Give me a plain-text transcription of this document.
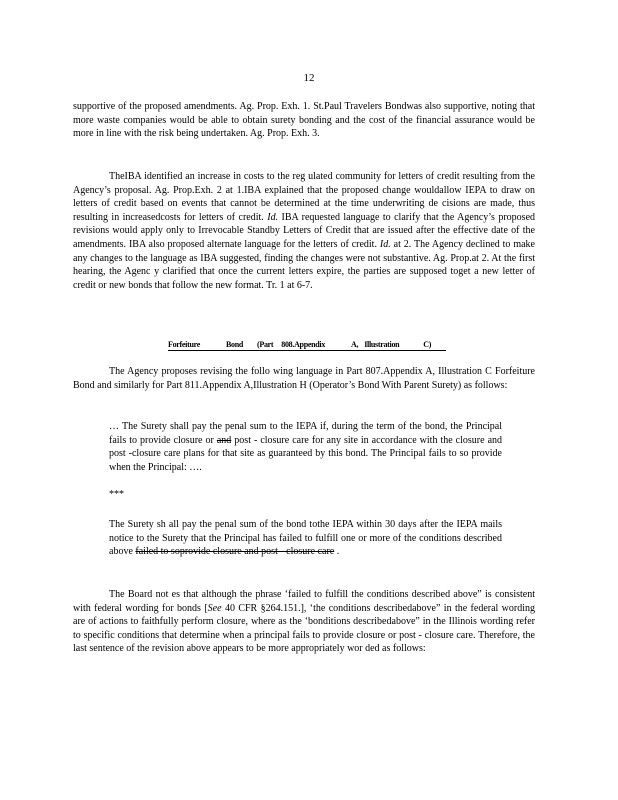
12

supportive of the proposed amendments. Ag. Prop. Exh. 1. St.Paul Travelers Bondwas also supportive, noting that more waste companies would be able to obtain surety bonding and the cost of the financial assurance would be more in line with the risk being undertaken. Ag. Prop. Exh. 3.

TheIBA identified an increase in costs to the reg ulated community for letters of credit resulting from the Agency’s proposal. Ag. Prop.Exh. 2 at 1.IBA explained that the proposed change wouldallow IEPA to draw on letters of credit based on events that cannot be determined at the time underwriting de cisions are made, thus resulting in increasedcosts for letters of credit. Id. IBA requested language to clarify that the Agency’s proposed revisions would apply only to Irrevocable Standby Letters of Credit that are issued after the effective date of the amendments. IBA also proposed alternate language for the letters of credit. Id. at 2. The Agency declined to make any changes to the language as IBA suggested, finding the changes were not substantive. Ag. Prop.at 2. At the first hearing, the Agenc y clarified that once the current letters expire, the parties are supposed toget a new letter of credit or new bonds that follow the new format. Tr. 1 at 6-7.

Forfeiture	Bond (Part 808.Appendix	A, Illustration	C)

The Agency proposes revising the follo wing language in Part 807.Appendix A, Illustration C Forfeiture Bond and similarly for Part 811.Appendix A,Illustration H (Operator’s Bond With Parent Surety) as follows:

… The Surety shall pay the penal sum to the IEPA if, during the term of the bond, the Principal fails to provide closure or and post - closure care for any site in accordance with the closure and post -closure care plans for that site as guaranteed by this bond. The Principal fails to so provide when the Principal: ….

***

The Surety sh all pay the penal sum of the bond tothe IEPA within 30 days after the IEPA mails notice to the Surety that the Principal has failed to fulfill one or more of the conditions described above failed to soprovide closure and post - closure care .

The Board not es that although the phrase ‘failed to fulfill the conditions described above” is consistent with federal wording for bonds [See 40 CFR §264.151.], ‘the conditions describedabove” in the federal wording are of actions to faithfully perform closure, where as the ‘bonditions describedabove” in the Illinois wording refer to specific conditions that determine when a principal fails to provide closure or post - closure care. Therefore, the last sentence of the revision above appears to be more appropriately wor ded as follows:
